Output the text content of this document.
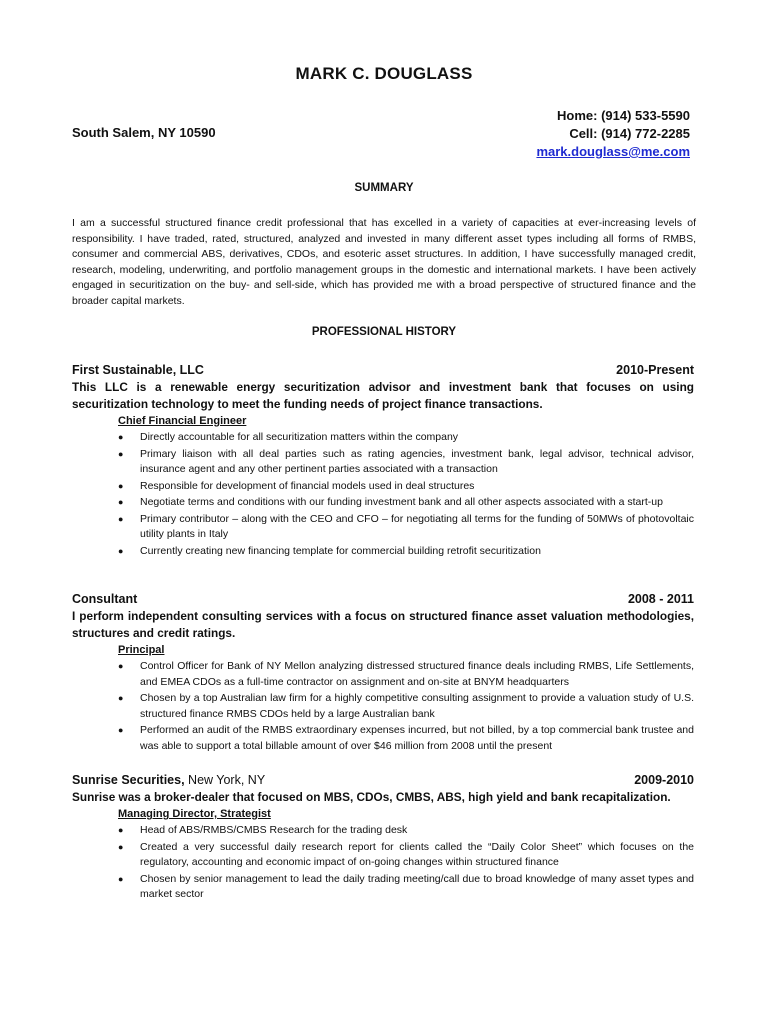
MARK C. DOUGLASS
South Salem, NY 10590
Home: (914) 533-5590
Cell: (914) 772-2285
mark.douglass@me.com
SUMMARY

I am a successful structured finance credit professional that has excelled in a variety of capacities at ever-increasing levels of responsibility. I have traded, rated, structured, analyzed and invested in many different asset types including all forms of RMBS, consumer and commercial ABS, derivatives, CDOs, and esoteric asset structures. In addition, I have successfully managed credit, research, modeling, underwriting, and portfolio management groups in the domestic and international markets. I have been actively engaged in securitization on the buy- and sell-side, which has provided me with a broad perspective of structured finance and the broader capital markets.

PROFESSIONAL HISTORY
First Sustainable, LLC	2010-Present

This LLC is a renewable energy securitization advisor and investment bank that focuses on using securitization technology to meet the funding needs of project finance transactions.

Chief Financial Engineer
● Directly accountable for all securitization matters within the company
● Primary liaison with all deal parties such as rating agencies, investment bank, legal advisor, technical advisor, insurance agent and any other pertinent parties associated with a transaction
● Responsible for development of financial models used in deal structures
● Negotiate terms and conditions with our funding investment bank and all other aspects associated with a start-up
● Primary contributor – along with the CEO and CFO – for negotiating all terms for the funding of 50MWs of photovoltaic utility plants in Italy
● Currently creating new financing template for commercial building retrofit securitization
Consultant	2008 - 2011

I perform independent consulting services with a focus on structured finance asset valuation methodologies, structures and credit ratings.

Principal
● Control Officer for Bank of NY Mellon analyzing distressed structured finance deals including RMBS, Life Settlements, and EMEA CDOs as a full-time contractor on assignment and on-site at BNYM headquarters
● Chosen by a top Australian law firm for a highly competitive consulting assignment to provide a valuation study of U.S. structured finance RMBS CDOs held by a large Australian bank
● Performed an audit of the RMBS extraordinary expenses incurred, but not billed, by a top commercial bank trustee and was able to support a total billable amount of over $46 million from 2008 until the present
Sunrise Securities, New York, NY	2009-2010

Sunrise was a broker-dealer that focused on MBS, CDOs, CMBS, ABS, high yield and bank recapitalization.

Managing Director, Strategist
● Head of ABS/RMBS/CMBS Research for the trading desk
● Created a very successful daily research report for clients called the “Daily Color Sheet” which focuses on the regulatory, accounting and economic impact of on-going changes within structured finance
● Chosen by senior management to lead the daily trading meeting/call due to broad knowledge of many asset types and market sector
